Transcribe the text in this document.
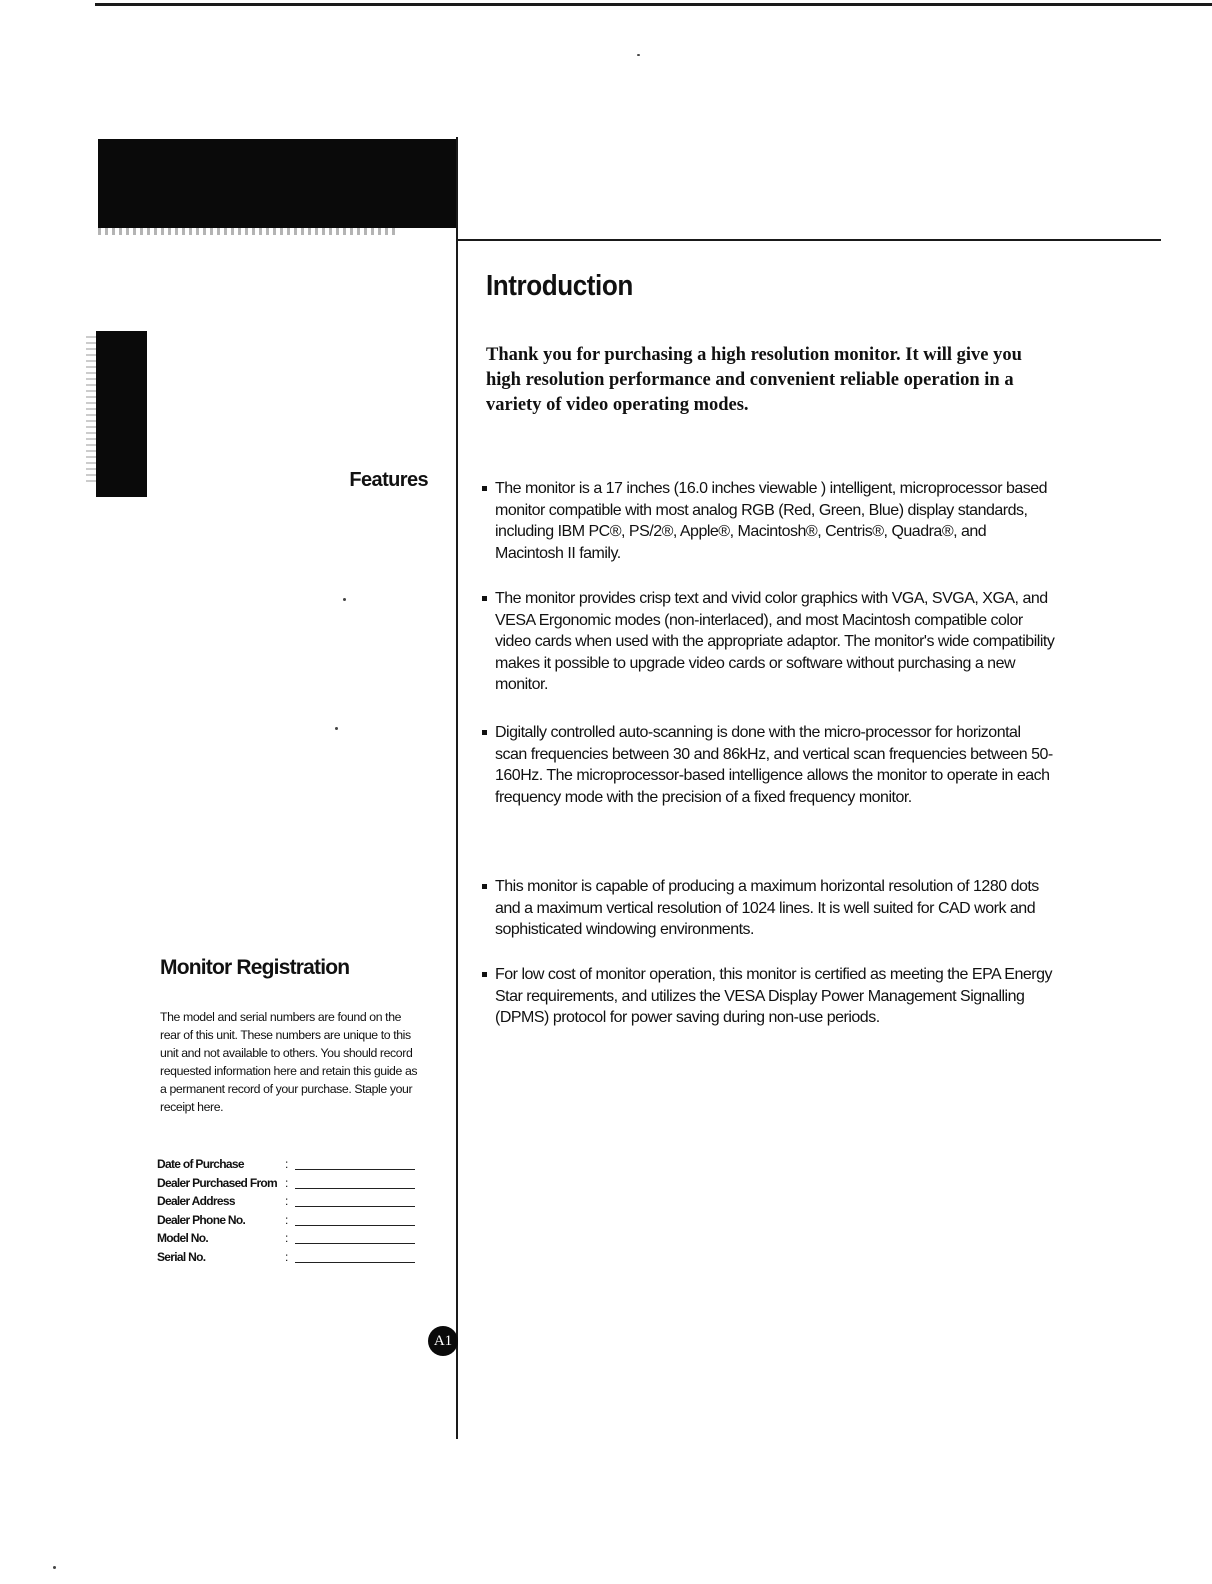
Introduction

Thank you for purchasing a high resolution monitor. It will give you high resolution performance and convenient reliable operation in a variety of video operating modes.

Features	The monitor is a 17 inches (16.0 inches viewable ) intelligent, microprocessor based monitor compatible with most analog RGB (Red, Green, Blue) display standards, including IBM PC®, PS/2®, Apple®, Macintosh®, Centris®, Quadra®, and Macintosh II family.
The monitor provides crisp text and vivid color graphics with VGA, SVGA, XGA, and VESA Ergonomic modes (non-interlaced), and most Macintosh compatible color video cards when used with the appropriate adaptor. The monitor's wide compatibility makes it possible to upgrade video cards or software without purchasing a new monitor.
Digitally controlled auto-scanning is done with the micro-processor for horizontal scan frequencies between 30 and 86kHz, and vertical scan frequencies between 50-160Hz. The microprocessor-based intelligence allows the monitor to operate in each frequency mode with the precision of a fixed frequency monitor.
This monitor is capable of producing a maximum horizontal resolution of 1280 dots and a maximum vertical resolution of 1024 lines. It is well suited for CAD work and sophisticated windowing environments.
For low cost of monitor operation, this monitor is certified as meeting the EPA Energy Star requirements, and utilizes the VESA Display Power Management Signalling (DPMS) protocol for power saving during non-use periods.
Monitor Registration

The model and serial numbers are found on the rear of this unit. These numbers are unique to this unit and not available to others. You should record requested information here and retain this guide as a permanent record of your purchase. Staple your receipt here.

Date of Purchase	:
Dealer Purchased From :
Dealer Address	:
Dealer Phone No.	:
Model No.	:
Serial No.	:
A1
